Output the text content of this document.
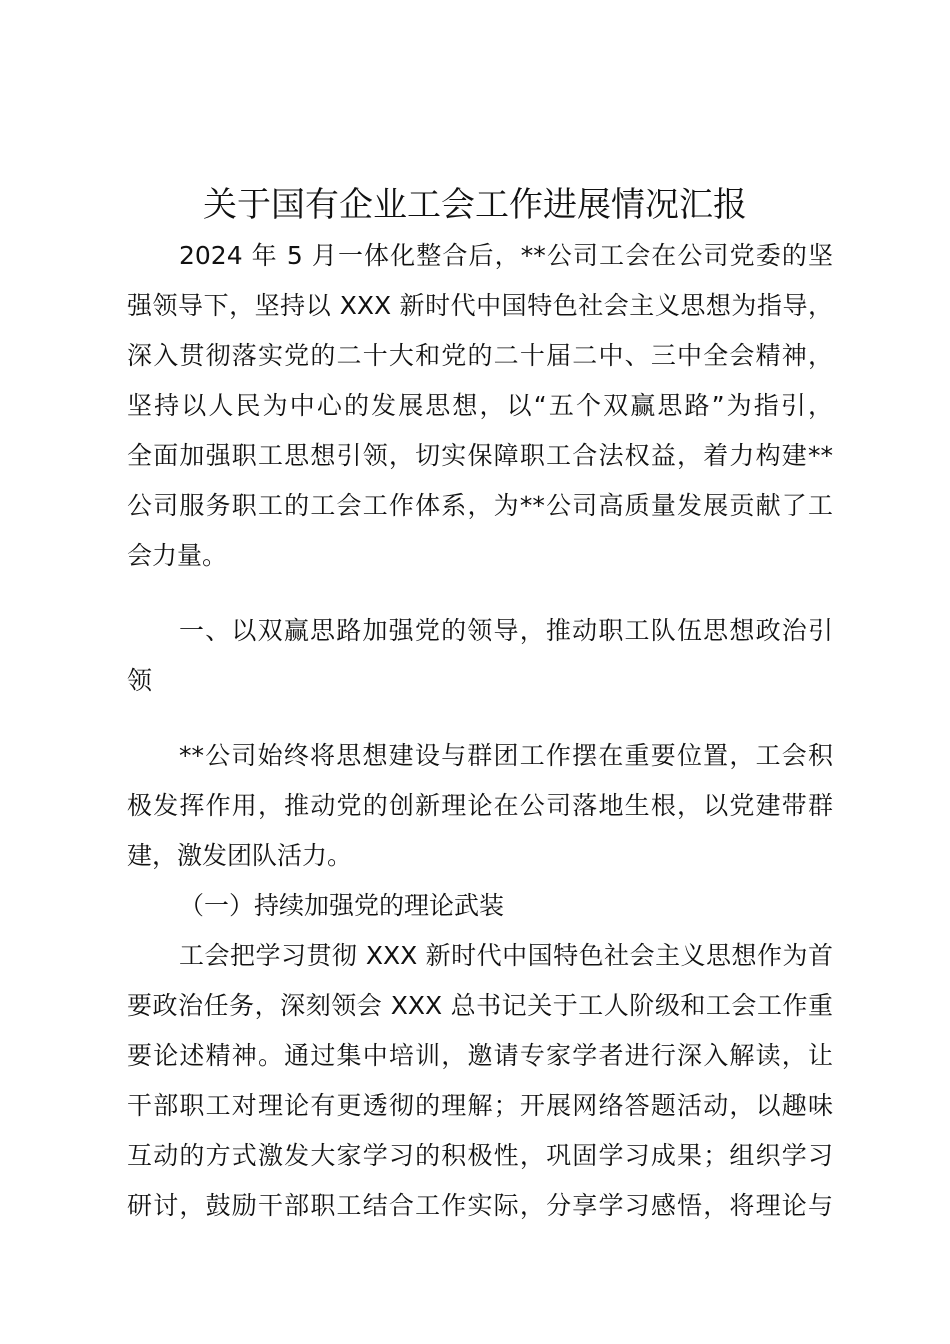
关于国有企业工会工作进展情况汇报
2024 年 5 月一体化整合后，**公司工会在公司党委的坚
强领导下，坚持以 XXX 新时代中国特色社会主义思想为指导，
深入贯彻落实党的二十大和党的二十届二中、三中全会精神，
坚持以人民为中心的发展思想，以“五个双赢思路”为指引，
全面加强职工思想引领，切实保障职工合法权益，着力构建**
公司服务职工的工会工作体系，为**公司高质量发展贡献了工
会力量。
一、以双赢思路加强党的领导，推动职工队伍思想政治引
领
**公司始终将思想建设与群团工作摆在重要位置，工会积
极发挥作用，推动党的创新理论在公司落地生根，以党建带群
建，激发团队活力。
（一）持续加强党的理论武装
工会把学习贯彻 XXX 新时代中国特色社会主义思想作为首
要政治任务，深刻领会 XXX 总书记关于工人阶级和工会工作重
要论述精神。通过集中培训，邀请专家学者进行深入解读，让
干部职工对理论有更透彻的理解；开展网络答题活动，以趣味
互动的方式激发大家学习的积极性，巩固学习成果；组织学习
研讨，鼓励干部职工结合工作实际，分享学习感悟，将理论与
